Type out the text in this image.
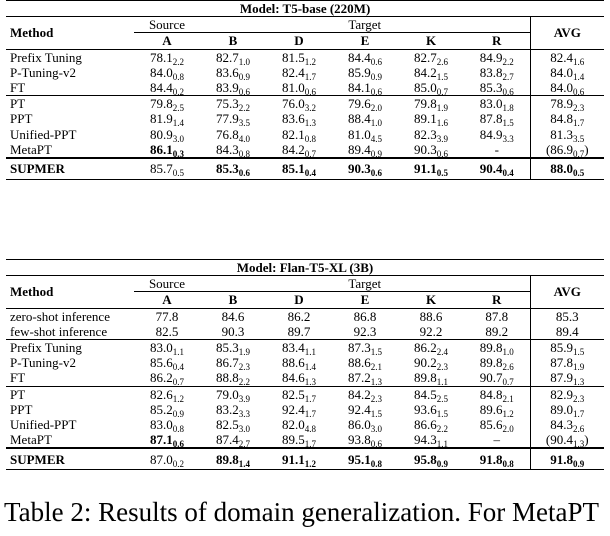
Model: T5-base (220M)							
Method	Source	Target					AVG
	A	B	D	E	K	R	
Prefix Tuning	$78.1_{2.2}$	$82.7_{1.0}$	$81.5_{1.2}$	$84.4_{0.6}$	$82.7_{2.6}$	$84.9_{2.2}$	$82.4_{1.6}$
P-Tuning-v2	$84.0_{0.8}$	$83.6_{0.9}$	$82.4_{1.7}$	$85.9_{0.9}$	$84.2_{1.5}$	$83.8_{2.7}$	$84.0_{1.4}$
FT	$84.4_{0.2}$	$83.9_{0.6}$	$81.0_{0.6}$	$84.1_{0.6}$	$85.0_{0.7}$	$85.3_{0.6}$	$84.0_{0.6}$
PT	$79.8_{2.5}$	$75.3_{2.2}$	$76.0_{3.2}$	$79.6_{2.0}$	$79.8_{1.9}$	$83.0_{1.8}$	$78.9_{2.3}$
PPT	$81.9_{1.4}$	$77.9_{3.5}$	$83.6_{1.3}$	$88.4_{1.0}$	$89.1_{1.6}$	$87.8_{1.5}$	$84.8_{1.7}$
Unified-PPT	$80.9_{3.0}$	$76.8_{4.0}$	$82.1_{0.8}$	$81.0_{4.5}$	$82.3_{3.9}$	$84.9_{3.3}$	$81.3_{3.5}$
MetaPT	$86.1_{0.3}$	$84.3_{0.8}$	$84.2_{0.7}$	$89.4_{0.9}$	$90.3_{0.6}$	-	$(86.9_{0.7})$
SUPMER	$85.7_{0.5}$	$85.3_{0.6}$	$85.1_{0.4}$	$90.3_{0.6}$	$91.1_{0.5}$	$90.4_{0.4}$	$88.0_{0.5}$
Model: Flan-T5-XL (3B)							
Method	Source	Target					AVG
	A	B	D	E	K	R	
zero-shot inference	77.8	84.6	86.2	86.8	88.6	87.8	85.3
few-shot inference	82.5	90.3	89.7	92.3	92.2	89.2	89.4
Prefix Tuning	$83.0_{1.1}$	$85.3_{1.9}$	$83.4_{1.1}$	$87.3_{1.5}$	$86.2_{2.4}$	$89.8_{1.0}$	$85.9_{1.5}$
P-Tuning-v2	$85.6_{0.4}$	$86.7_{2.3}$	$88.6_{1.4}$	$88.6_{2.1}$	$90.2_{2.3}$	$89.8_{2.6}$	$87.8_{1.9}$
FT	$86.2_{0.7}$	$88.8_{2.2}$	$84.6_{1.3}$	$87.2_{1.3}$	$89.8_{1.1}$	$90.7_{0.7}$	$87.9_{1.3}$
PT	$82.6_{1.2}$	$79.0_{3.9}$	$82.5_{1.7}$	$84.2_{2.3}$	$84.5_{2.5}$	$84.8_{2.1}$	$82.9_{2.3}$
PPT	$85.2_{0.9}$	$83.2_{3.3}$	$92.4_{1.7}$	$92.4_{1.5}$	$93.6_{1.5}$	$89.6_{1.2}$	$89.0_{1.7}$
Unified-PPT	$83.0_{0.8}$	$82.5_{3.0}$	$82.0_{4.8}$	$86.0_{3.0}$	$86.6_{2.2}$	$85.6_{2.0}$	$84.3_{2.6}$
MetaPT	$87.1_{0.6}$	$87.4_{2.7}$	$89.5_{1.7}$	$93.8_{0.6}$	$94.3_{1.1}$	–	$(90.4_{1.3})$
SUPMER	$87.0_{0.2}$	$89.8_{1.4}$	$91.1_{1.2}$	$95.1_{0.8}$	$95.8_{0.9}$	$91.8_{0.8}$	$91.8_{0.9}$
Table 2: Results of domain generalization. For MetaPT
